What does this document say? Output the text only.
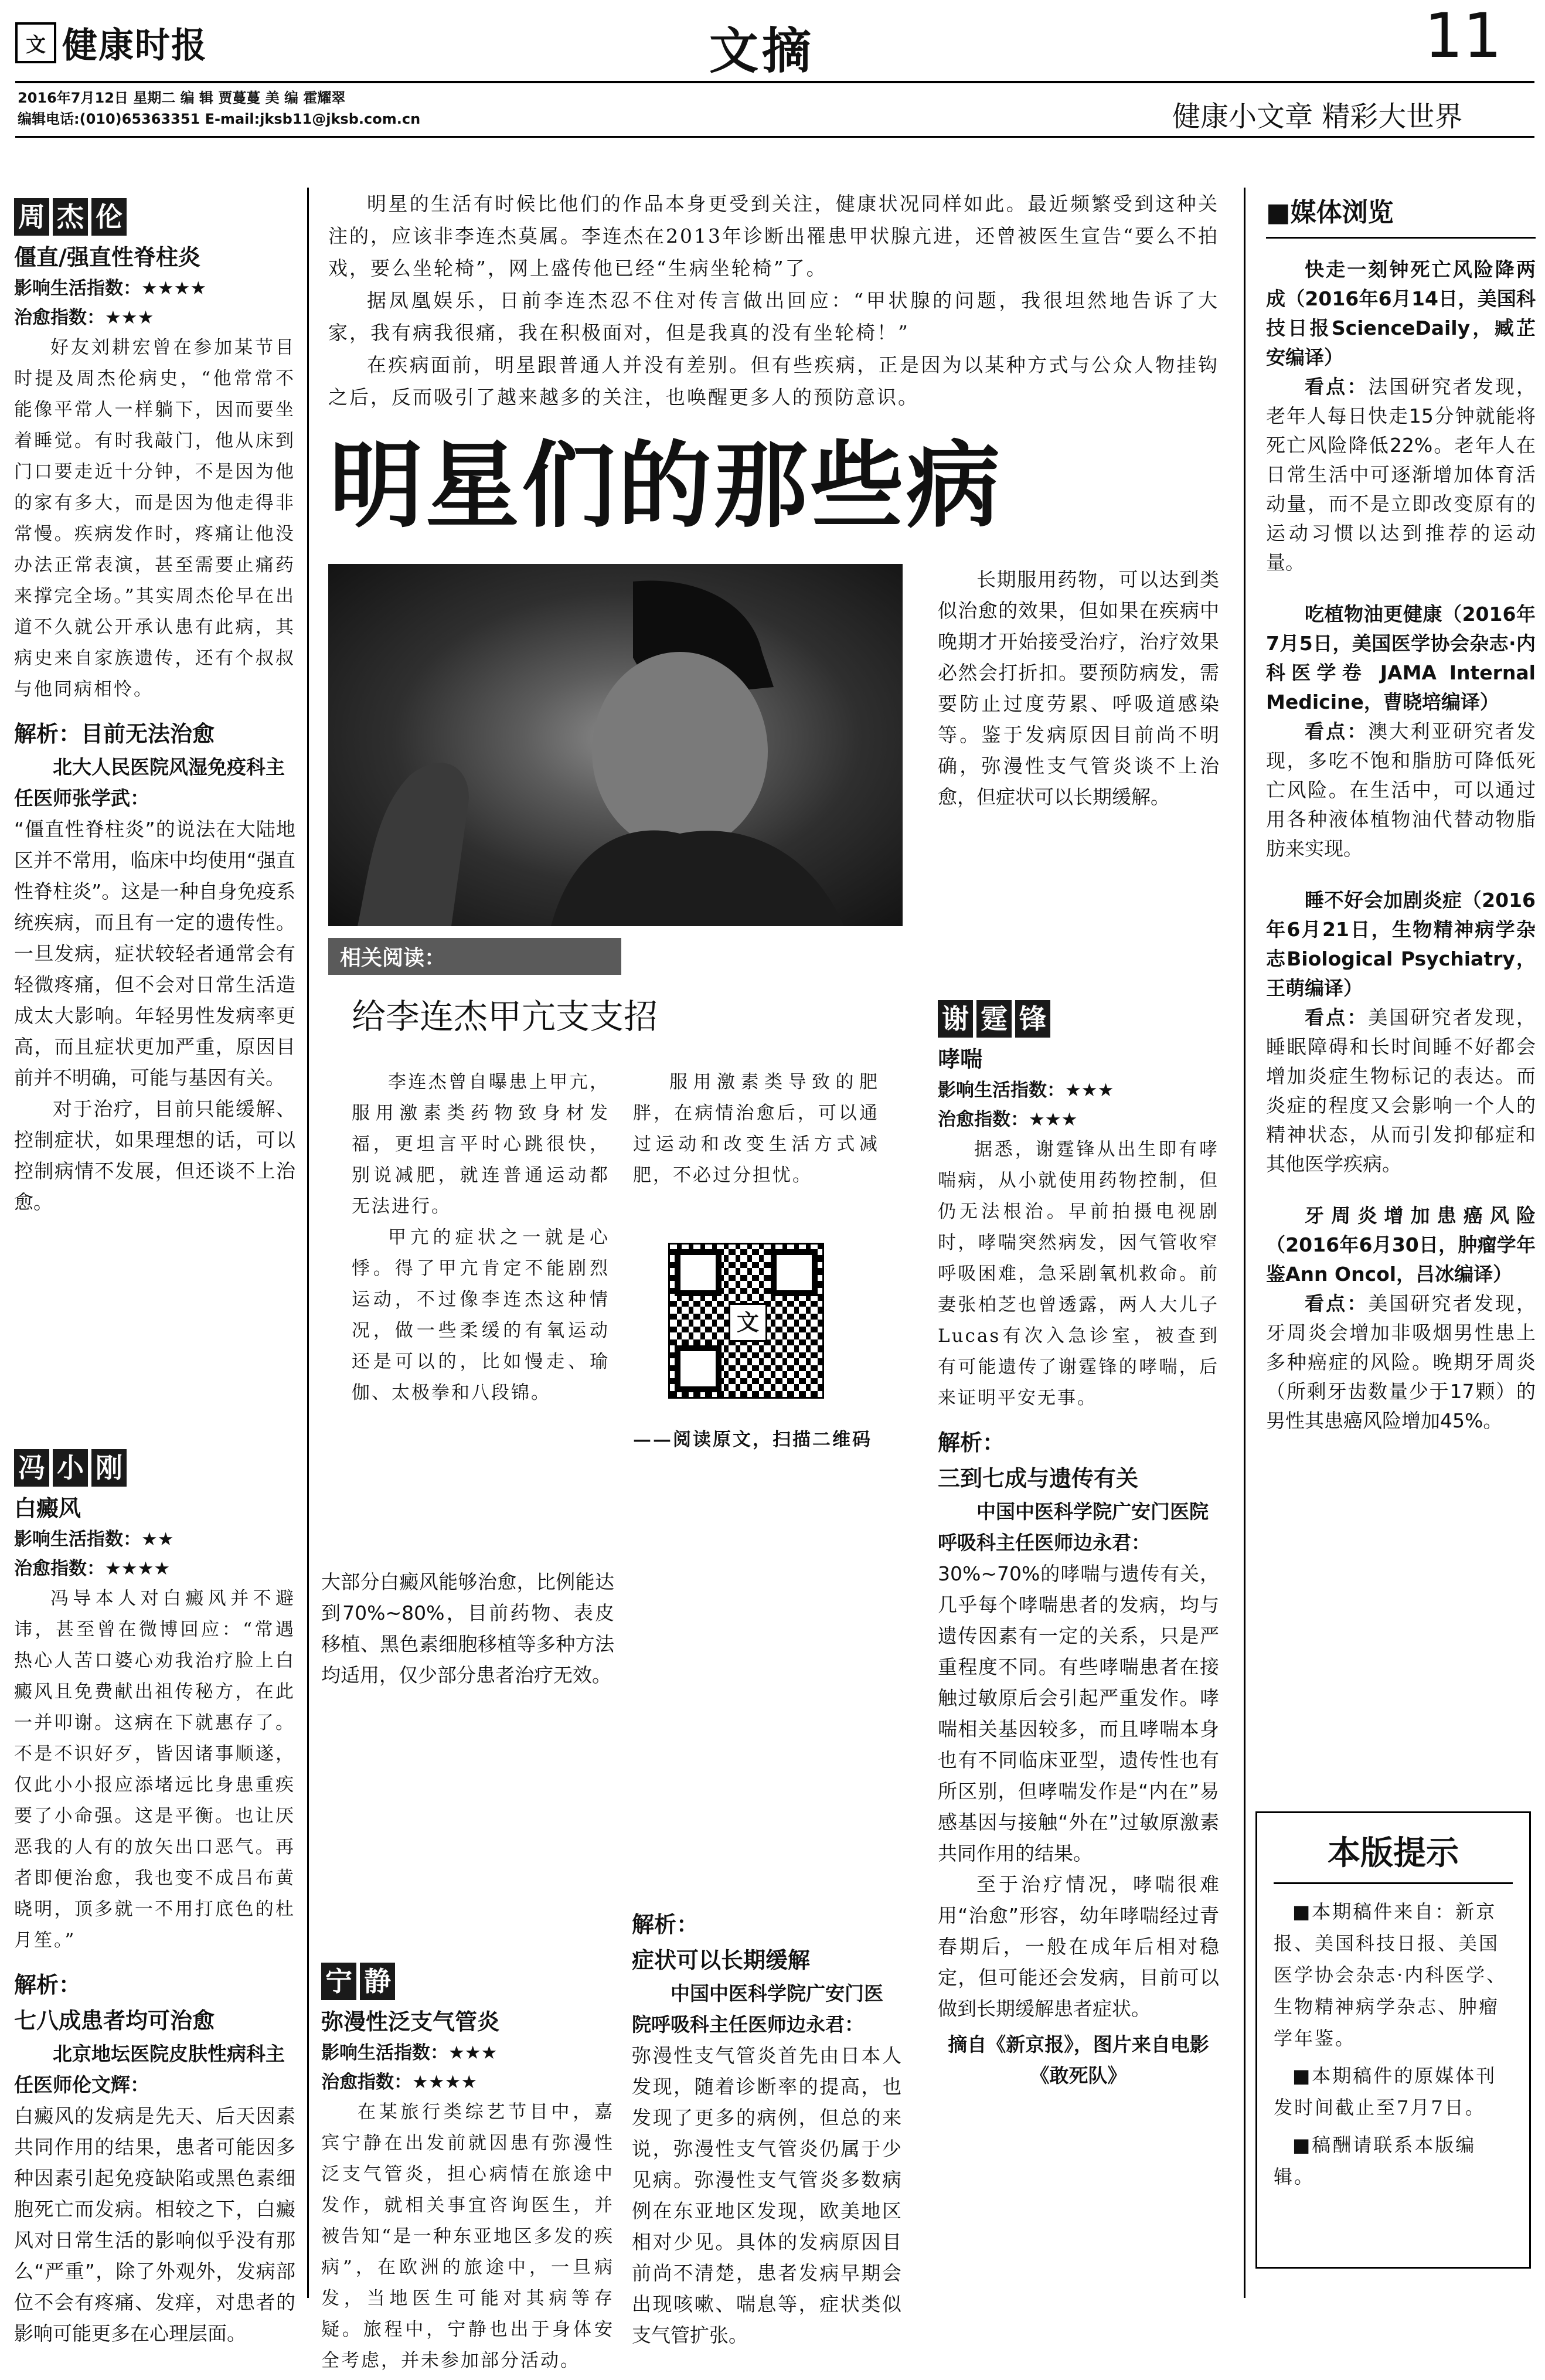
文 健康时报	文摘	11
2016年7月12日 星期二 编 辑 贾蔓蔓 美 编 霍耀翠
编辑电话:(010)65363351 E-mail:jksb11@jksb.com.cn	健康小文章 精彩大世界
周 杰 伦
僵直/强直性脊柱炎
影响生活指数：★★★★
治愈指数：★★★

好友刘耕宏曾在参加某节目时提及周杰伦病史，“他常常不能像平常人一样躺下，因而要坐着睡觉。有时我敲门，他从床到门口要走近十分钟，不是因为他的家有多大，而是因为他走得非常慢。疾病发作时，疼痛让他没办法正常表演，甚至需要止痛药来撑完全场。”其实周杰伦早在出道不久就公开承认患有此病，其病史来自家族遗传，还有个叔叔与他同病相怜。

解析：目前无法治愈
北大人民医院风湿免疫科主任医师张学武：

“僵直性脊柱炎”的说法在大陆地区并不常用，临床中均使用“强直性脊柱炎”。这是一种自身免疫系统疾病，而且有一定的遗传性。一旦发病，症状较轻者通常会有轻微疼痛，但不会对日常生活造成太大影响。年轻男性发病率更高，而且症状更加严重，原因目前并不明确，可能与基因有关。

对于治疗，目前只能缓解、控制症状，如果理想的话，可以控制病情不发展，但还谈不上治愈。

冯 小 刚
白癜风
影响生活指数：★★
治愈指数：★★★★

冯导本人对白癜风并不避讳，甚至曾在微博回应：“常遇热心人苦口婆心劝我治疗脸上白癜风且免费献出祖传秘方，在此一并叩谢。这病在下就惠存了。不是不识好歹，皆因诸事顺遂，仅此小小报应添堵远比身患重疾要了小命强。这是平衡。也让厌恶我的人有的放矢出口恶气。再者即便治愈，我也变不成吕布黄晓明，顶多就一不用打底色的杜月笙。”

解析：
七八成患者均可治愈
北京地坛医院皮肤性病科主任医师伦文辉：

白癜风的发病是先天、后天因素共同作用的结果，患者可能因多种因素引起免疫缺陷或黑色素细胞死亡而发病。相较之下，白癜风对日常生活的影响似乎没有那么“严重”，除了外观外，发病部位不会有疼痛、发痒，对患者的影响可能更多在心理层面。

明星的生活有时候比他们的作品本身更受到关注，健康状况同样如此。最近频繁受到这种关注的，应该非李连杰莫属。李连杰在2013年诊断出罹患甲状腺亢进，还曾被医生宣告“要么不拍戏，要么坐轮椅”，网上盛传他已经“生病坐轮椅”了。

据凤凰娱乐，日前李连杰忍不住对传言做出回应：“甲状腺的问题，我很坦然地告诉了大家，我有病我很痛，我在积极面对，但是我真的没有坐轮椅！”

在疾病面前，明星跟普通人并没有差别。但有些疾病，正是因为以某种方式与公众人物挂钩之后，反而吸引了越来越多的关注，也唤醒更多人的预防意识。

明星们的那些病
相关阅读：
给李连杰甲亢支支招

李连杰曾自曝患上甲亢，服用激素类药物致身材发福，更坦言平时心跳很快，别说减肥，就连普通运动都无法进行。

甲亢的症状之一就是心悸。得了甲亢肯定不能剧烈运动，不过像李连杰这种情况，做一些柔缓的有氧运动还是可以的，比如慢走、瑜伽、太极拳和八段锦。

服用激素类导致的肥胖，在病情治愈后，可以通过运动和改变生活方式减肥，不必过分担忧。

文
——阅读原文，扫描二维码

大部分白癜风能够治愈，比例能达到70%~80%，目前药物、表皮移植、黑色素细胞移植等多种方法均适用，仅少部分患者治疗无效。

宁 静
弥漫性泛支气管炎
影响生活指数：★★★
治愈指数：★★★★

在某旅行类综艺节目中，嘉宾宁静在出发前就因患有弥漫性泛支气管炎，担心病情在旅途中发作，就相关事宜咨询医生，并被告知“是一种东亚地区多发的疾病”，在欧洲的旅途中，一旦病发，当地医生可能对其病等存疑。旅程中，宁静也出于身体安全考虑，并未参加部分活动。

解析：
症状可以长期缓解
中国中医科学院广安门医院呼吸科主任医师边永君：

弥漫性支气管炎首先由日本人发现，随着诊断率的提高，也发现了更多的病例，但总的来说，弥漫性支气管炎仍属于少见病。弥漫性支气管炎多数病例在东亚地区发现，欧美地区相对少见。具体的发病原因目前尚不清楚，患者发病早期会出现咳嗽、喘息等，症状类似支气管扩张。

长期服用药物，可以达到类似治愈的效果，但如果在疾病中晚期才开始接受治疗，治疗效果必然会打折扣。要预防病发，需要防止过度劳累、呼吸道感染等。鉴于发病原因目前尚不明确，弥漫性支气管炎谈不上治愈，但症状可以长期缓解。

谢 霆 锋
哮喘
影响生活指数：★★★
治愈指数：★★★

据悉，谢霆锋从出生即有哮喘病，从小就使用药物控制，但仍无法根治。早前拍摄电视剧时，哮喘突然病发，因气管收窄呼吸困难，急采剧氧机救命。前妻张柏芝也曾透露，两人大儿子Lucas有次入急诊室，被查到有可能遗传了谢霆锋的哮喘，后来证明平安无事。

解析：
三到七成与遗传有关
中国中医科学院广安门医院呼吸科主任医师边永君：

30%~70%的哮喘与遗传有关，几乎每个哮喘患者的发病，均与遗传因素有一定的关系，只是严重程度不同。有些哮喘患者在接触过敏原后会引起严重发作。哮喘相关基因较多，而且哮喘本身也有不同临床亚型，遗传性也有所区别，但哮喘发作是“内在”易感基因与接触“外在”过敏原激素共同作用的结果。

至于治疗情况，哮喘很难用“治愈”形容，幼年哮喘经过青春期后，一般在成年后相对稳定，但可能还会发病，目前可以做到长期缓解患者症状。

摘自《新京报》，图片来自电影《敢死队》
■媒体浏览
快走一刻钟死亡风险降两成（2016年6月14日，美国科技日报ScienceDaily，臧芷安编译）
看点：法国研究者发现，老年人每日快走15分钟就能将死亡风险降低22%。老年人在日常生活中可逐渐增加体育活动量，而不是立即改变原有的运动习惯以达到推荐的运动量。
吃植物油更健康（2016年7月5日，美国医学协会杂志·内科医学卷 JAMA Internal Medicine，曹晓培编译）
看点：澳大利亚研究者发现，多吃不饱和脂肪可降低死亡风险。在生活中，可以通过用各种液体植物油代替动物脂肪来实现。
睡不好会加剧炎症（2016年6月21日，生物精神病学杂志Biological Psychiatry，王萌编译）
看点：美国研究者发现，睡眠障碍和长时间睡不好都会增加炎症生物标记的表达。而炎症的程度又会影响一个人的精神状态，从而引发抑郁症和其他医学疾病。
牙周炎增加患癌风险（2016年6月30日，肿瘤学年鉴Ann Oncol，吕冰编译）
看点：美国研究者发现，牙周炎会增加非吸烟男性患上多种癌症的风险。晚期牙周炎（所剩牙齿数量少于17颗）的男性其患癌风险增加45%。
本版提示

■本期稿件来自：新京报、美国科技日报、美国医学协会杂志·内科医学、生物精神病学杂志、肿瘤学年鉴。

■本期稿件的原媒体刊发时间截止至7月7日。

■稿酬请联系本版编辑。
